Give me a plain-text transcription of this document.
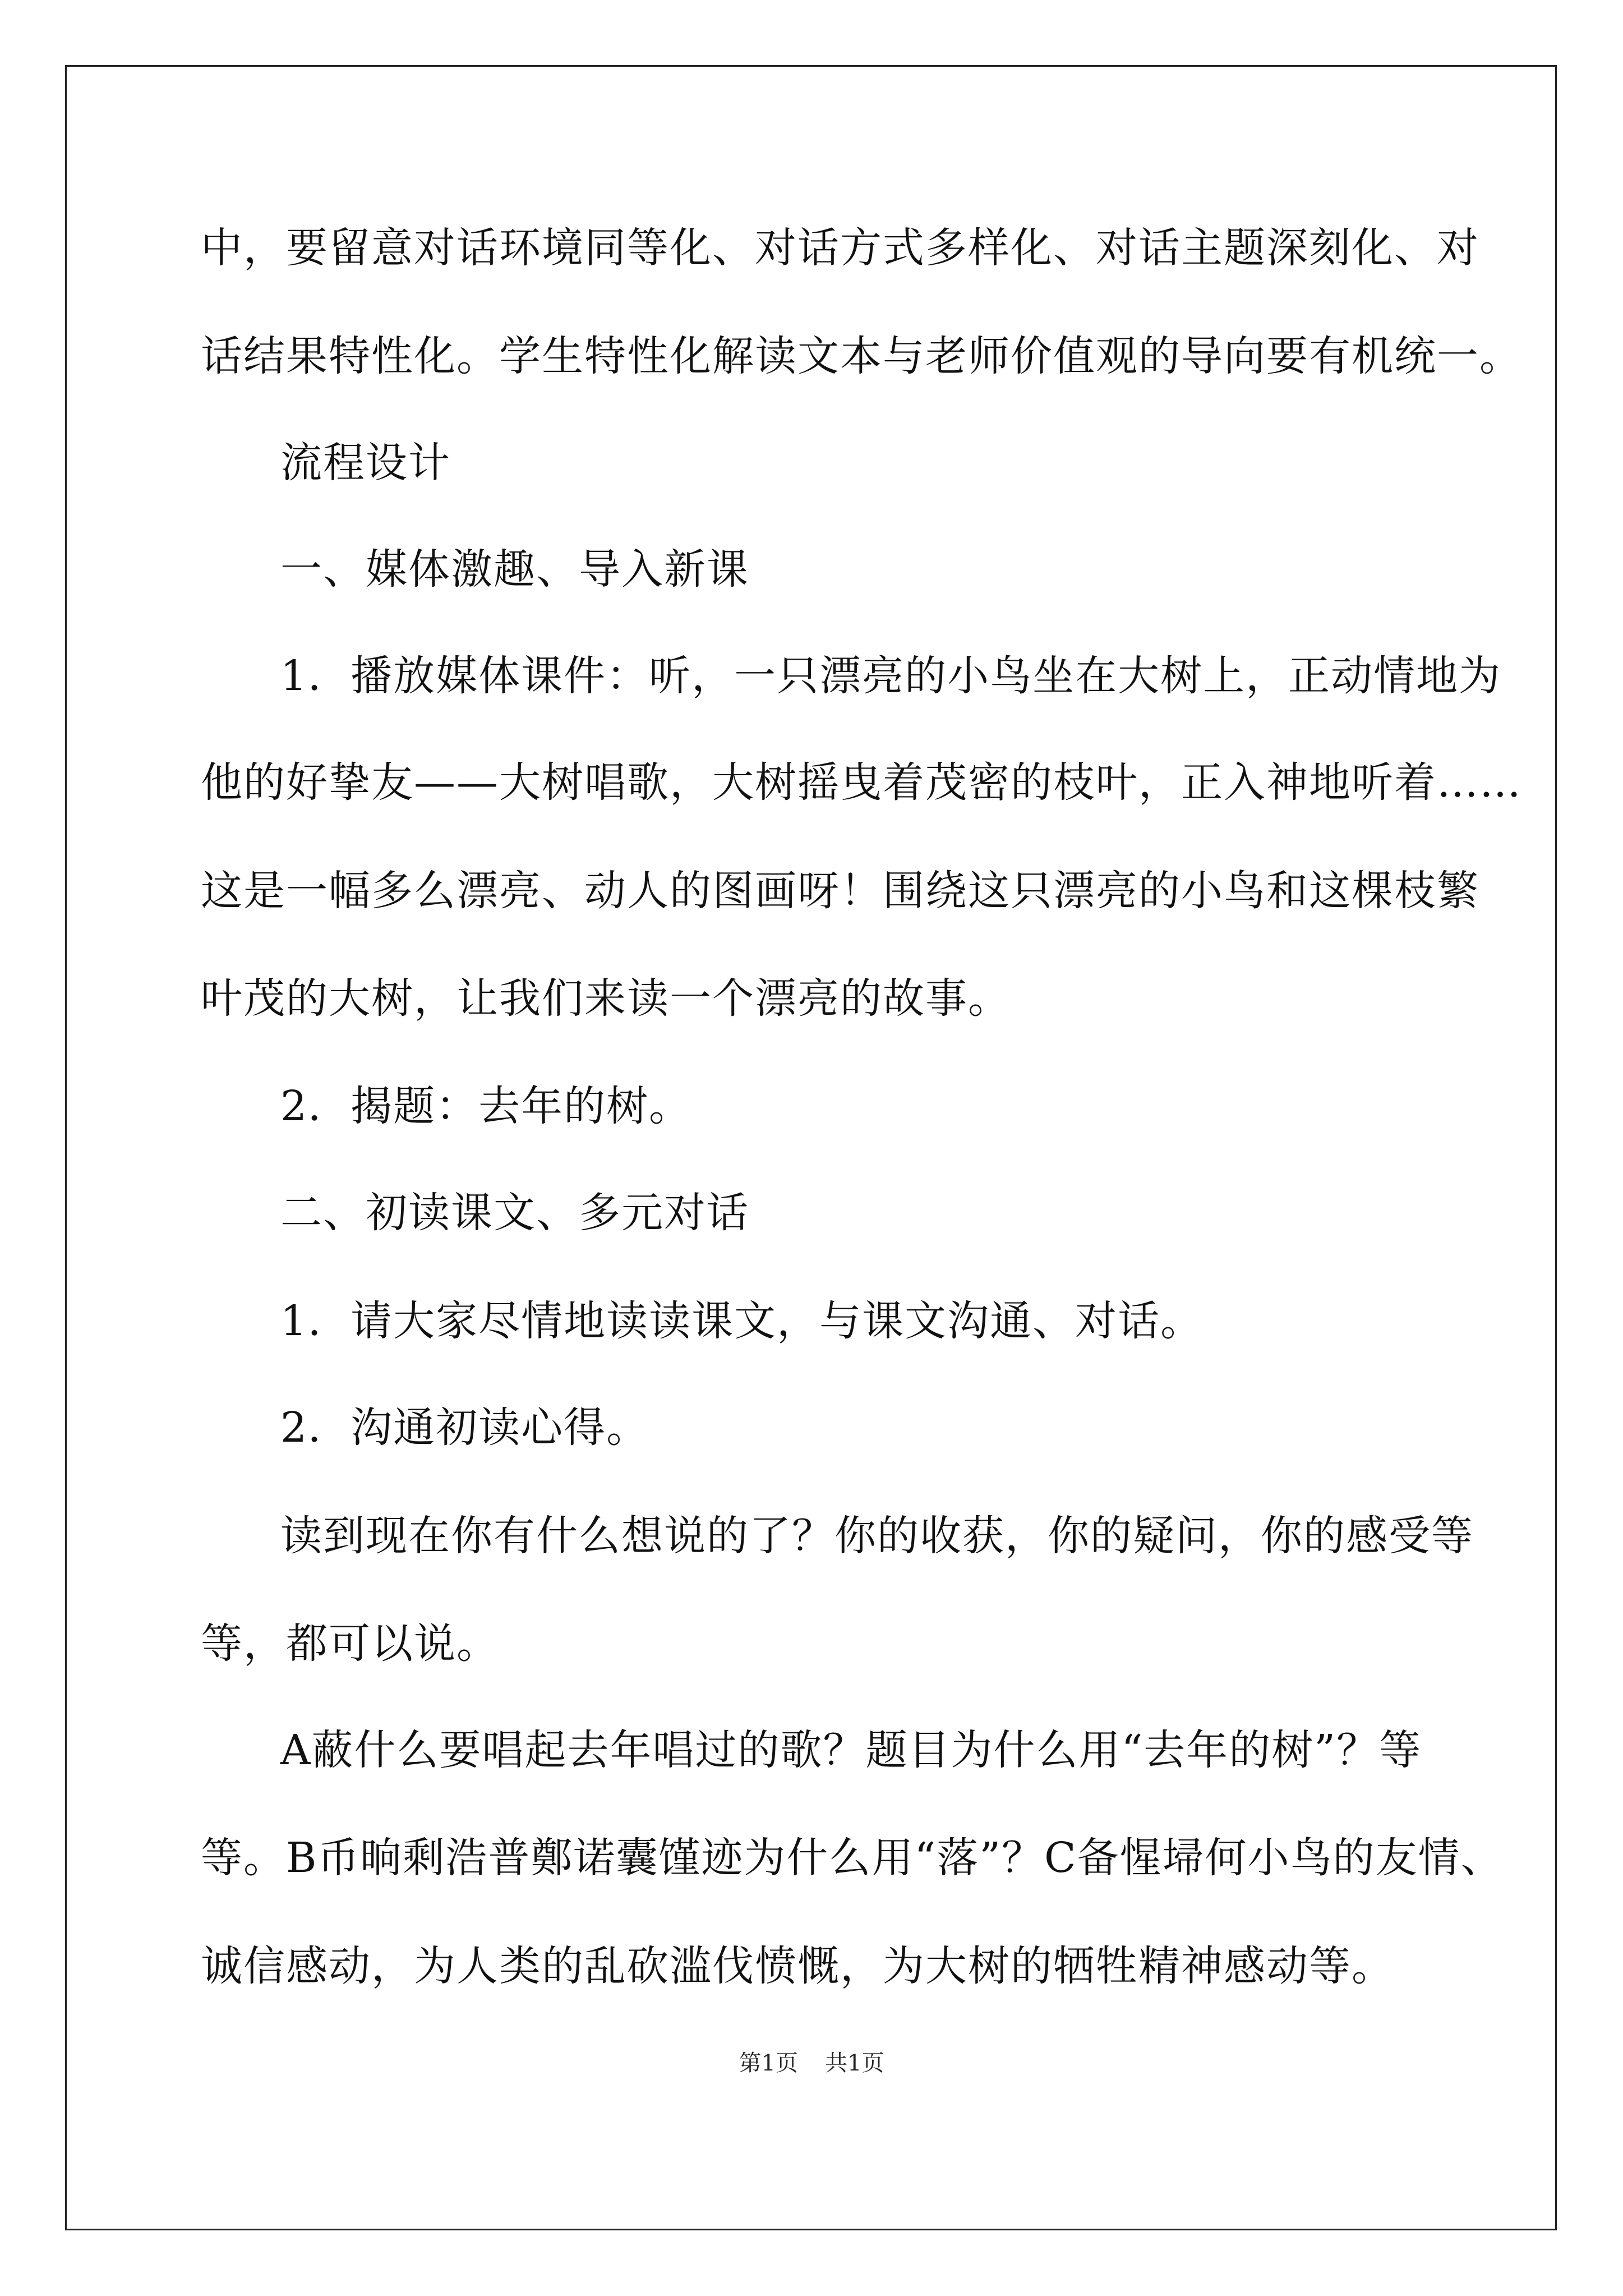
中，要留意对话环境同等化、对话方式多样化、对话主题深刻化、对
话结果特性化。学生特性化解读文本与老师价值观的导向要有机统一。
流程设计
一、媒体激趣、导入新课
1．播放媒体课件：听，一只漂亮的小鸟坐在大树上，正动情地为
他的好挚友——大树唱歌，大树摇曳着茂密的枝叶，正入神地听着……
这是一幅多么漂亮、动人的图画呀！围绕这只漂亮的小鸟和这棵枝繁
叶茂的大树，让我们来读一个漂亮的故事。
2．揭题：去年的树。
二、初读课文、多元对话
1．请大家尽情地读读课文，与课文沟通、对话。
2．沟通初读心得。
读到现在你有什么想说的了？你的收获，你的疑问，你的感受等
等，都可以说。
A蔽什么要唱起去年唱过的歌？题目为什么用“去年的树”？等
等。B币晌剩浩普鄭诺囊馑迹为什么用“落”？C备惺埽何小鸟的友情、
诚信感动，为人类的乱砍滥伐愤慨，为大树的牺牲精神感动等。
第1页 共1页
